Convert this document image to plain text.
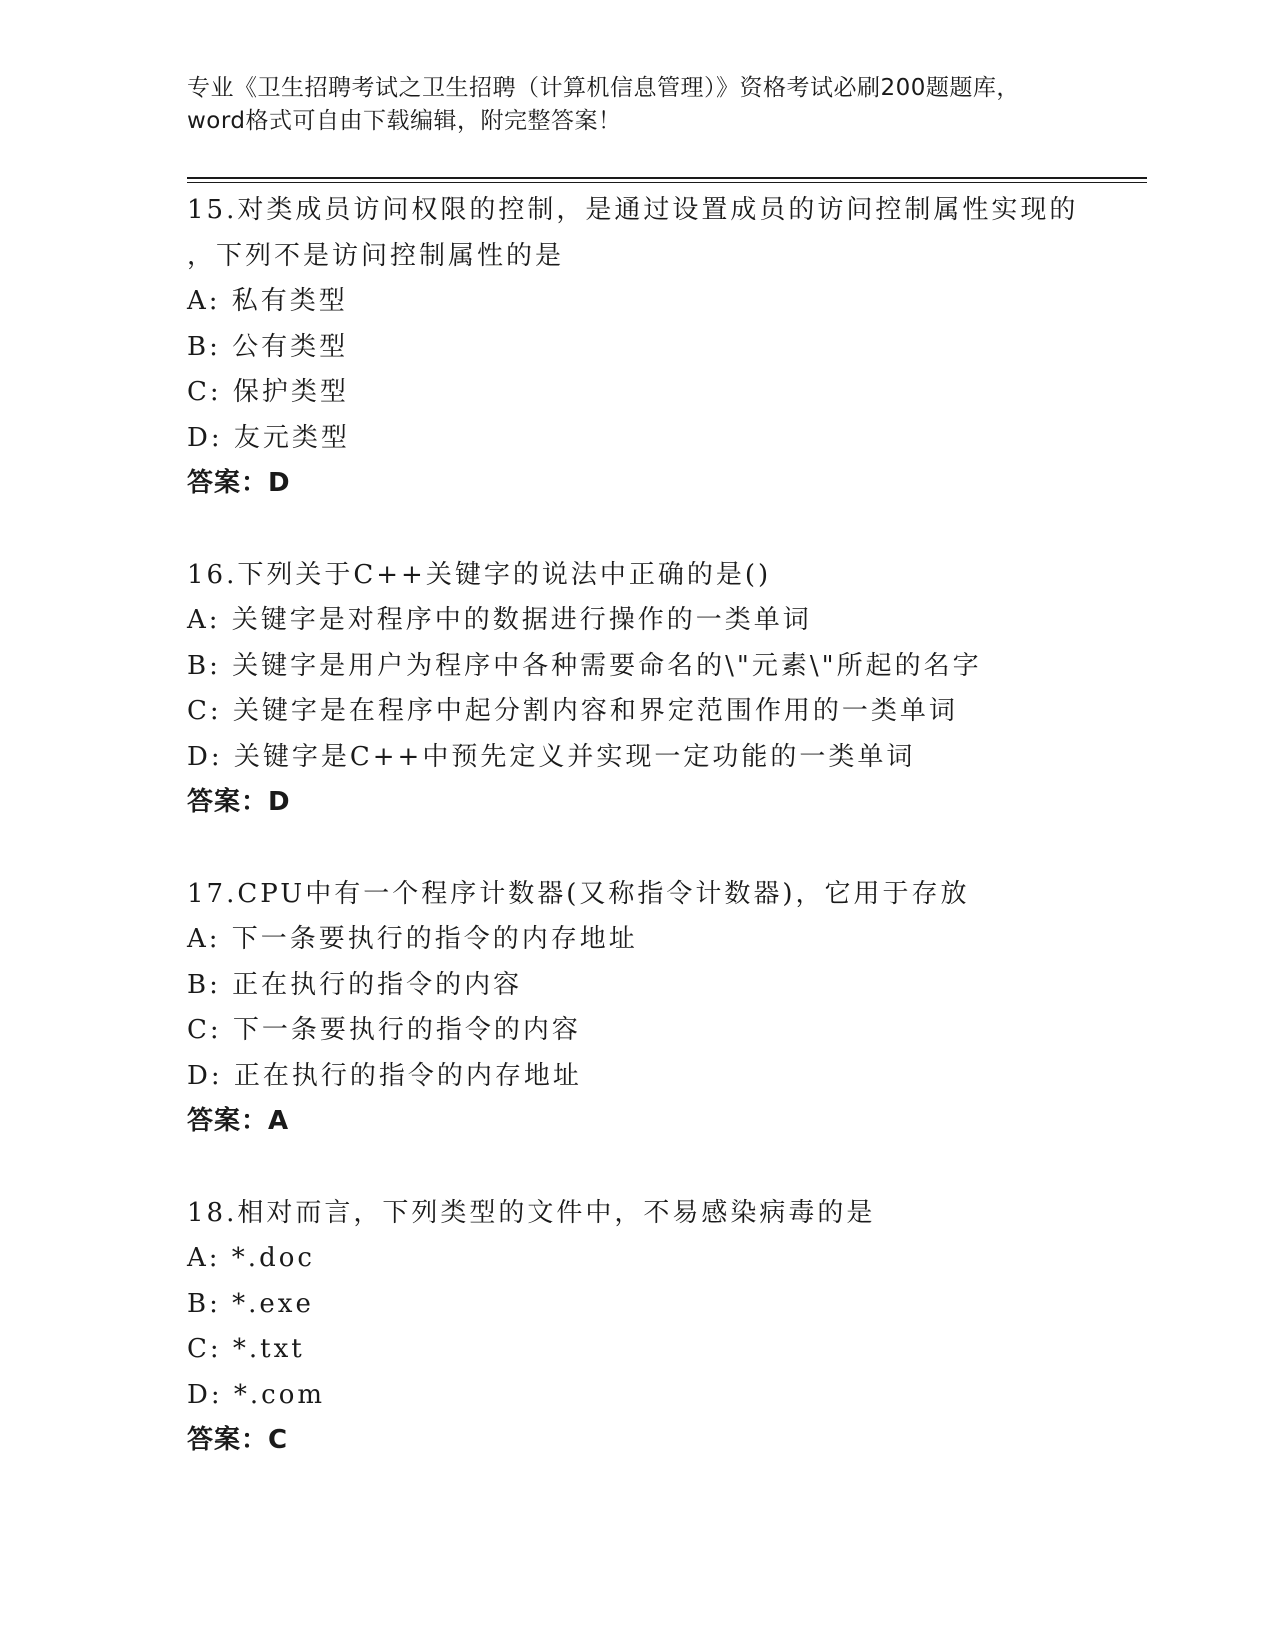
专业《卫生招聘考试之卫生招聘（计算机信息管理）》资格考试必刷200题题库，
word格式可自由下载编辑，附完整答案！
15.对类成员访问权限的控制，是通过设置成员的访问控制属性实现的
，下列不是访问控制属性的是
A: 私有类型
B: 公有类型
C: 保护类型
D: 友元类型
答案：D
16.下列关于C++关键字的说法中正确的是()
A: 关键字是对程序中的数据进行操作的一类单词
B: 关键字是用户为程序中各种需要命名的\"元素\"所起的名字
C: 关键字是在程序中起分割内容和界定范围作用的一类单词
D: 关键字是C++中预先定义并实现一定功能的一类单词
答案：D
17.CPU中有一个程序计数器(又称指令计数器)，它用于存放
A: 下一条要执行的指令的内存地址
B: 正在执行的指令的内容
C: 下一条要执行的指令的内容
D: 正在执行的指令的内存地址
答案：A
18.相对而言，下列类型的文件中，不易感染病毒的是
A: *.doc
B: *.exe
C: *.txt
D: *.com
答案：C
